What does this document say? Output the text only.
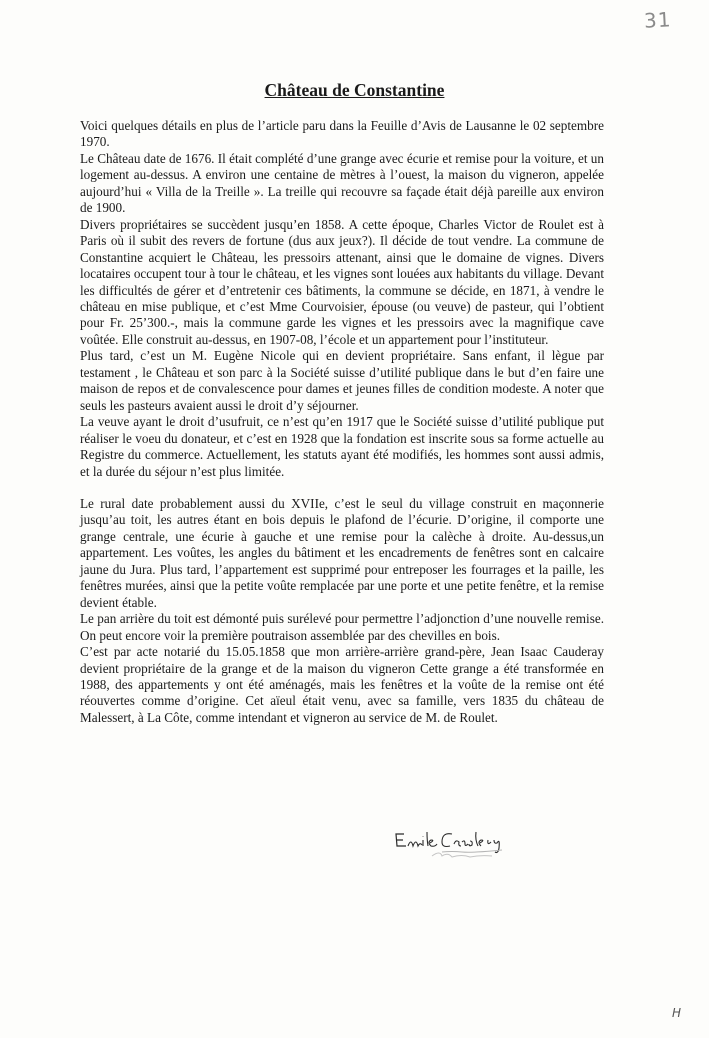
31
Château de Constantine

Voici quelques détails en plus de l’article paru dans la Feuille d’Avis de Lausanne le 02 septembre 1970.

Le Château date de 1676. Il était complété d’une grange avec écurie et remise pour la voiture, et un logement au-dessus. A environ une centaine de mètres à l’ouest, la maison du vigneron, appelée aujourd’hui « Villa de la Treille ». La treille qui recouvre sa façade était déjà pareille aux environ de 1900.

Divers propriétaires se succèdent jusqu’en 1858. A cette époque, Charles Victor de Roulet est à Paris où il subit des revers de fortune (dus aux jeux?). Il décide de tout vendre. La commune de Constantine acquiert le Château, les pressoirs attenant, ainsi que le domaine de vignes. Divers locataires occupent tour à tour le château, et les vignes sont louées aux habitants du village. Devant les difficultés de gérer et d’entretenir ces bâtiments, la commune se décide, en 1871, à vendre le château en mise publique, et c’est Mme Courvoisier, épouse (ou veuve) de pasteur, qui l’obtient pour Fr. 25’300.-, mais la commune garde les vignes et les pressoirs avec la magnifique cave voûtée. Elle construit au-dessus, en 1907-08, l’école et un appartement pour l’instituteur.

Plus tard, c’est un M. Eugène Nicole qui en devient propriétaire. Sans enfant, il lègue par testament , le Château et son parc à la Société suisse d’utilité publique dans le but d’en faire une maison de repos et de convalescence pour dames et jeunes filles de condition modeste. A noter que seuls les pasteurs avaient aussi le droit d’y séjourner.

La veuve ayant le droit d’usufruit, ce n’est qu’en 1917 que le Société suisse d’utilité publique put réaliser le voeu du donateur, et c’est en 1928 que la fondation est inscrite sous sa forme actuelle au Registre du commerce. Actuellement, les statuts ayant été modifiés, les hommes sont aussi admis, et la durée du séjour n’est plus limitée.

Le rural date probablement aussi du XVIIe, c’est le seul du village construit en maçonnerie jusqu’au toit, les autres étant en bois depuis le plafond de l’écurie. D’origine, il comporte une grange centrale, une écurie à gauche et une remise pour la calèche à droite. Au-dessus,un appartement. Les voûtes, les angles du bâtiment et les encadrements de fenêtres sont en calcaire jaune du Jura. Plus tard, l’appartement est supprimé pour entreposer les fourrages et la paille, les fenêtres murées, ainsi que la petite voûte remplacée par une porte et une petite fenêtre, et la remise devient étable.

Le pan arrière du toit est démonté puis surélevé pour permettre l’adjonction d’une nouvelle remise. On peut encore voir la première poutraison assemblée par des chevilles en bois.

C’est par acte notarié du 15.05.1858 que mon arrière-arrière grand-père, Jean Isaac Cauderay devient propriétaire de la grange et de la maison du vigneron Cette grange a été transformée en 1988, des appartements y ont été aménagés, mais les fenêtres et la voûte de la remise ont été réouvertes comme d’origine. Cet aïeul était venu, avec sa famille, vers 1835 du château de Malessert, à La Côte, comme intendant et vigneron au service de M. de Roulet.

H
